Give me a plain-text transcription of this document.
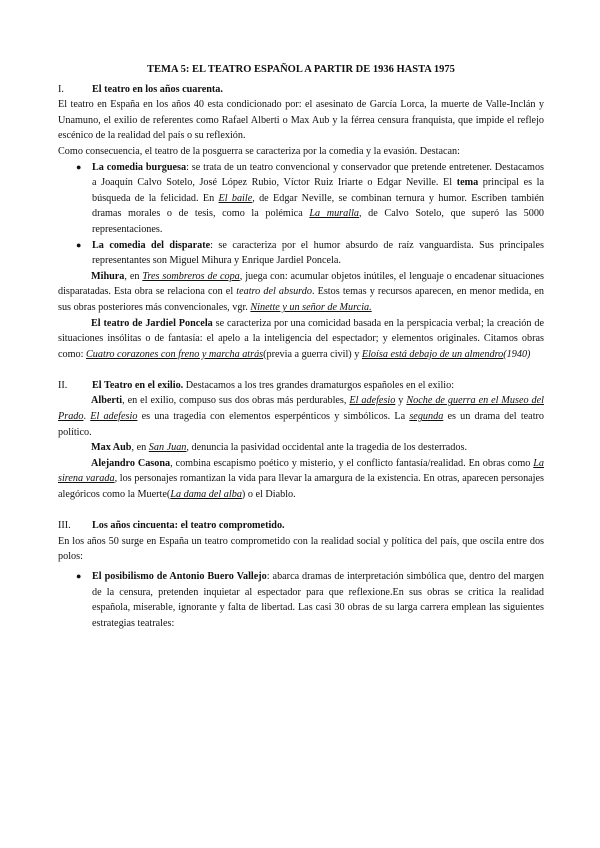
TEMA 5: EL TEATRO ESPAÑOL A PARTIR DE 1936 HASTA 1975
I.	El teatro en los años cuarenta.

El teatro en España en los años 40 esta condicionado por: el asesinato de García Lorca, la muerte de Valle-Inclán y Unamuno, el exilio de referentes como Rafael Alberti o Max Aub y la férrea censura franquista, que impide el reflejo escénico de la realidad del país o su reflexión.

Como consecuencia, el teatro de la posguerra se caracteriza por la comedia y la evasión. Destacan:

● La comedia burguesa: se trata de un teatro convencional y conservador que pretende entretener. Destacamos a Joaquín Calvo Sotelo, José López Rubio, Víctor Ruiz Iriarte o Edgar Neville. El tema principal es la búsqueda de la felicidad. En El baile, de Edgar Neville, se combinan ternura y humor. Escriben también dramas morales o de tesis, como la polémica La muralla, de Calvo Sotelo, que superó las 5000 representaciones.
● La comedia del disparate: se caracteriza por el humor absurdo de raíz vanguardista. Sus principales representantes son Miguel Mihura y Enrique Jardiel Poncela.

Mihura, en Tres sombreros de copa, juega con: acumular objetos inútiles, el lenguaje o encadenar situaciones disparatadas. Esta obra se relaciona con el teatro del absurdo. Estos temas y recursos aparecen, en menor medida, en sus obras posteriores más convencionales, vgr. Ninette y un señor de Murcia.

El teatro de Jardiel Poncela se caracteriza por una comicidad basada en la perspicacia verbal; la creación de situaciones insólitas o de fantasía: el apelo a la inteligencia del espectador; y elementos originales. Citamos obras como: Cuatro corazones con freno y marcha atrás(previa a guerra civil) y Eloísa está debajo de un almendro(1940)

II.	El Teatro en el exilio. Destacamos a los tres grandes dramaturgos españoles en el exilio:

Alberti, en el exilio, compuso sus dos obras más perdurables, El adefesio y Noche de guerra en el Museo del Prado. El adefesio es una tragedia con elementos esperpénticos y simbólicos. La segunda es un drama del teatro político.

Max Aub, en San Juan, denuncia la pasividad occidental ante la tragedia de los desterrados.

Alejandro Casona, combina escapismo poético y misterio, y el conflicto fantasía/realidad. En obras como La sirena varada, los personajes romantizan la vida para llevar la amargura de la existencia. En otras, aparecen personajes alegóricos como la Muerte(La dama del alba) o el Diablo.

III.	Los años cincuenta: el teatro comprometido.

En los años 50 surge en España un teatro comprometido con la realidad social y política del país, que oscila entre dos polos:

● El posibilismo de Antonio Buero Vallejo: abarca dramas de interpretación simbólica que, dentro del margen de la censura, pretenden inquietar al espectador para que reflexione.En sus obras se critica la realidad española, miserable, ignorante y falta de libertad. Las casi 30 obras de su larga carrera emplean las siguientes estrategias teatrales:
